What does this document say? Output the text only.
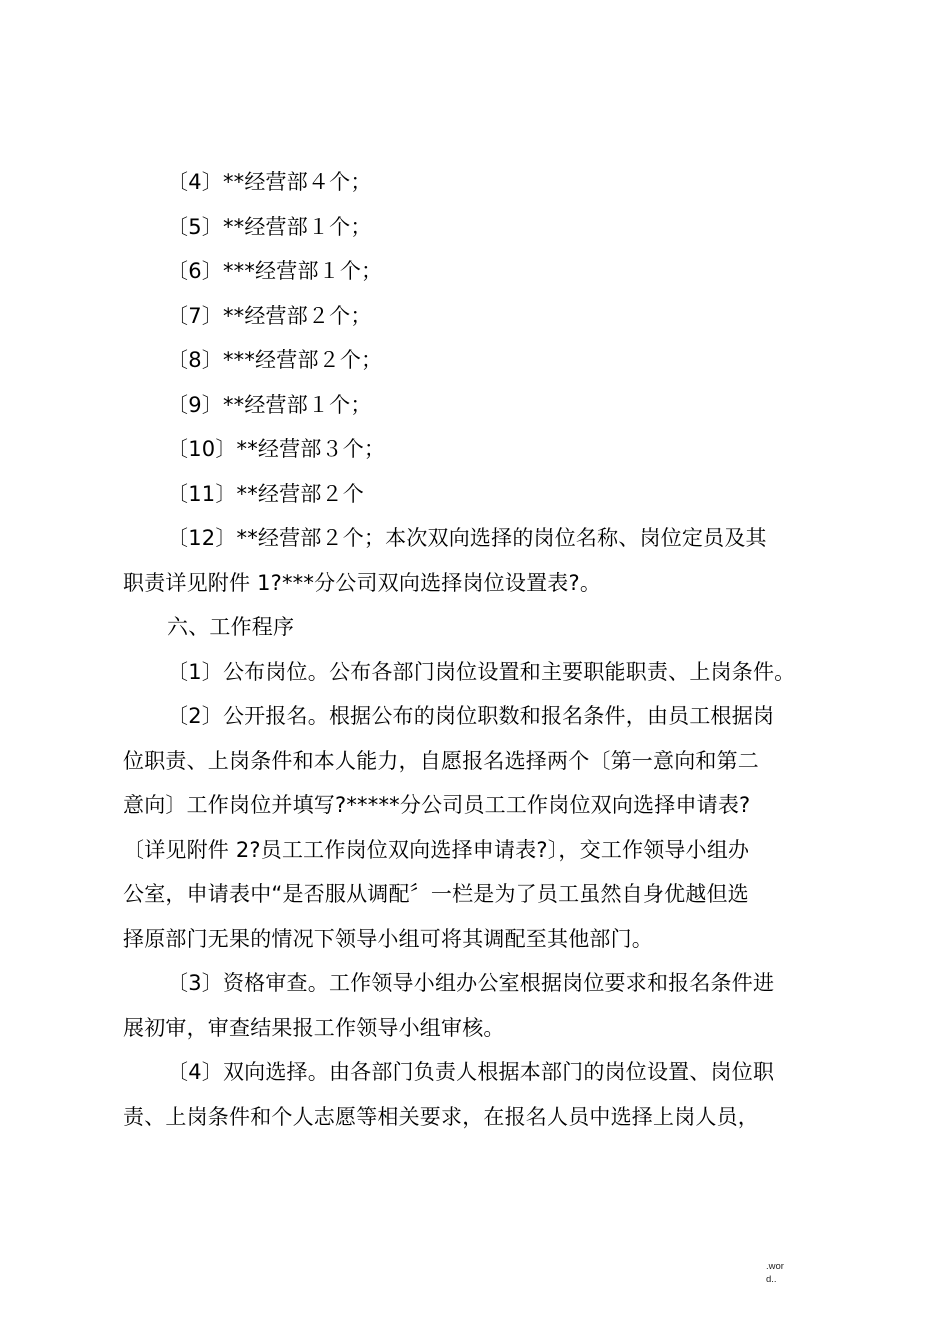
〔4〕**经营部４个；
〔5〕**经营部１个；
〔6〕***经营部１个；
〔7〕**经营部２个；
〔8〕***经营部２个；
〔9〕**经营部１个；
〔10〕**经营部３个；
〔11〕**经营部２个
〔12〕**经营部２个；本次双向选择的岗位名称、岗位定员及其
职责详见附件 1?***分公司双向选择岗位设置表?。
六、工作程序
〔1〕公布岗位。公布各部门岗位设置和主要职能职责、上岗条件。
〔2〕公开报名。根据公布的岗位职数和报名条件，由员工根据岗
位职责、上岗条件和本人能力，自愿报名选择两个〔第一意向和第二
意向〕工作岗位并填写?*****分公司员工工作岗位双向选择申请表?
〔详见附件 2?员工工作岗位双向选择申请表?〕，交工作领导小组办
公室，申请表中“是否服从调配〞一栏是为了员工虽然自身优越但选
择原部门无果的情况下领导小组可将其调配至其他部门。
〔3〕资格审查。工作领导小组办公室根据岗位要求和报名条件进
展初审，审查结果报工作领导小组审核。
〔4〕双向选择。由各部门负责人根据本部门的岗位设置、岗位职
责、上岗条件和个人志愿等相关要求，在报名人员中选择上岗人员，
.wor
d..
